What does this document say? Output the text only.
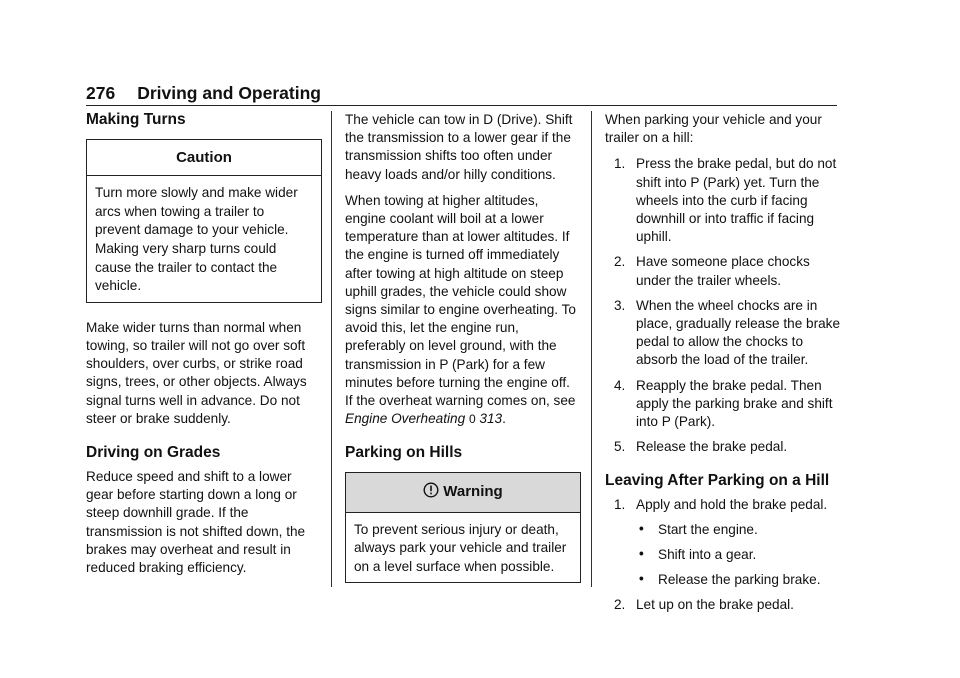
276 Driving and Operating
Making Turns
Caution
Turn more slowly and make wider arcs when towing a trailer to prevent damage to your vehicle. Making very sharp turns could cause the trailer to contact the vehicle.

Make wider turns than normal when towing, so trailer will not go over soft shoulders, over curbs, or strike road signs, trees, or other objects. Always signal turns well in advance. Do not steer or brake suddenly.

Driving on Grades

Reduce speed and shift to a lower gear before starting down a long or steep downhill grade. If the transmission is not shifted down, the brakes may overheat and result in reduced braking efficiency.

The vehicle can tow in D (Drive). Shift the transmission to a lower gear if the transmission shifts too often under heavy loads and/or hilly conditions.

When towing at higher altitudes, engine coolant will boil at a lower temperature than at lower altitudes. If the engine is turned off immediately after towing at high altitude on steep uphill grades, the vehicle could show signs similar to engine overheating. To avoid this, let the engine run, preferably on level ground, with the transmission in P (Park) for a few minutes before turning the engine off. If the overheat warning comes on, see
Engine Overheating 0 313.

Parking on Hills
Warning
To prevent serious injury or death, always park your vehicle and trailer on a level surface when possible.

When parking your vehicle and your trailer on a hill:

1. Press the brake pedal, but do not shift into P (Park) yet. Turn the wheels into the curb if facing downhill or into traffic if facing uphill.
2. Have someone place chocks under the trailer wheels.
3. When the wheel chocks are in place, gradually release the brake pedal to allow the chocks to absorb the load of the trailer.
4. Reapply the brake pedal. Then apply the parking brake and shift into P (Park).
5. Release the brake pedal.
Leaving After Parking on a Hill
1. Apply and hold the brake pedal.
• Start the engine.
• Shift into a gear.
• Release the parking brake.
2. Let up on the brake pedal.
